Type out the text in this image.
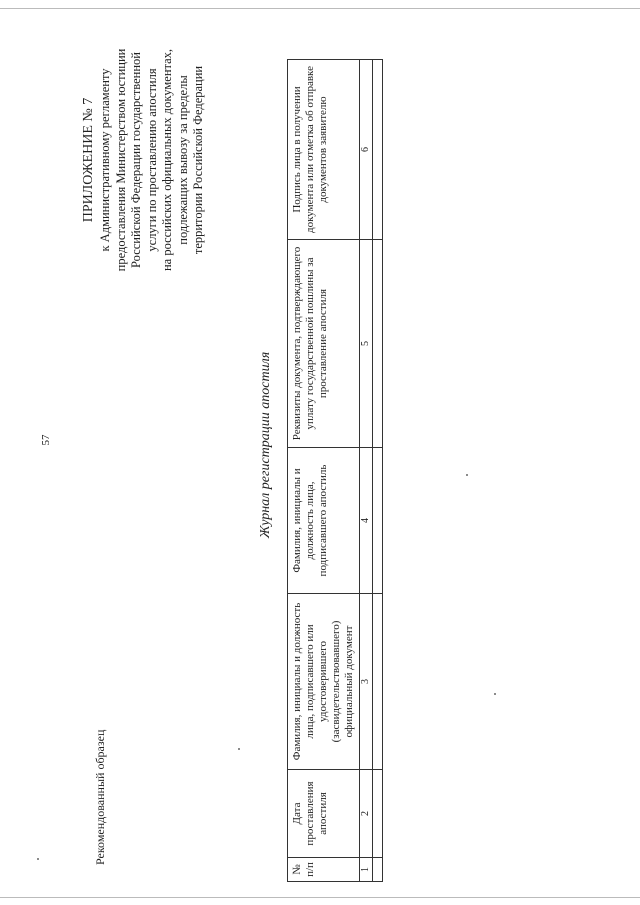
57
Рекомендованный образец
ПРИЛОЖЕНИЕ № 7 к Административному регламенту предоставления Министерством юстиции Российской Федерации государственной услуги по проставлению апостиля на российских официальных документах, подлежащих вывозу за пределы территории Российской Федерации
Журнал регистрации апостиля
№ п/п	Дата проставления апостиля	Фамилия, инициалы и должность лица, подписавшего или удостоверившего (засвидетельствовавшего) официальный документ	Фамилия, инициалы и должность лица, подписавшего апостиль	Реквизиты документа, подтверждающего уплату государственной пошлины за проставление апостиля	Подпись лица в получении документа или отметка об отправке документов заявителю
1	2	3	4	5	6
